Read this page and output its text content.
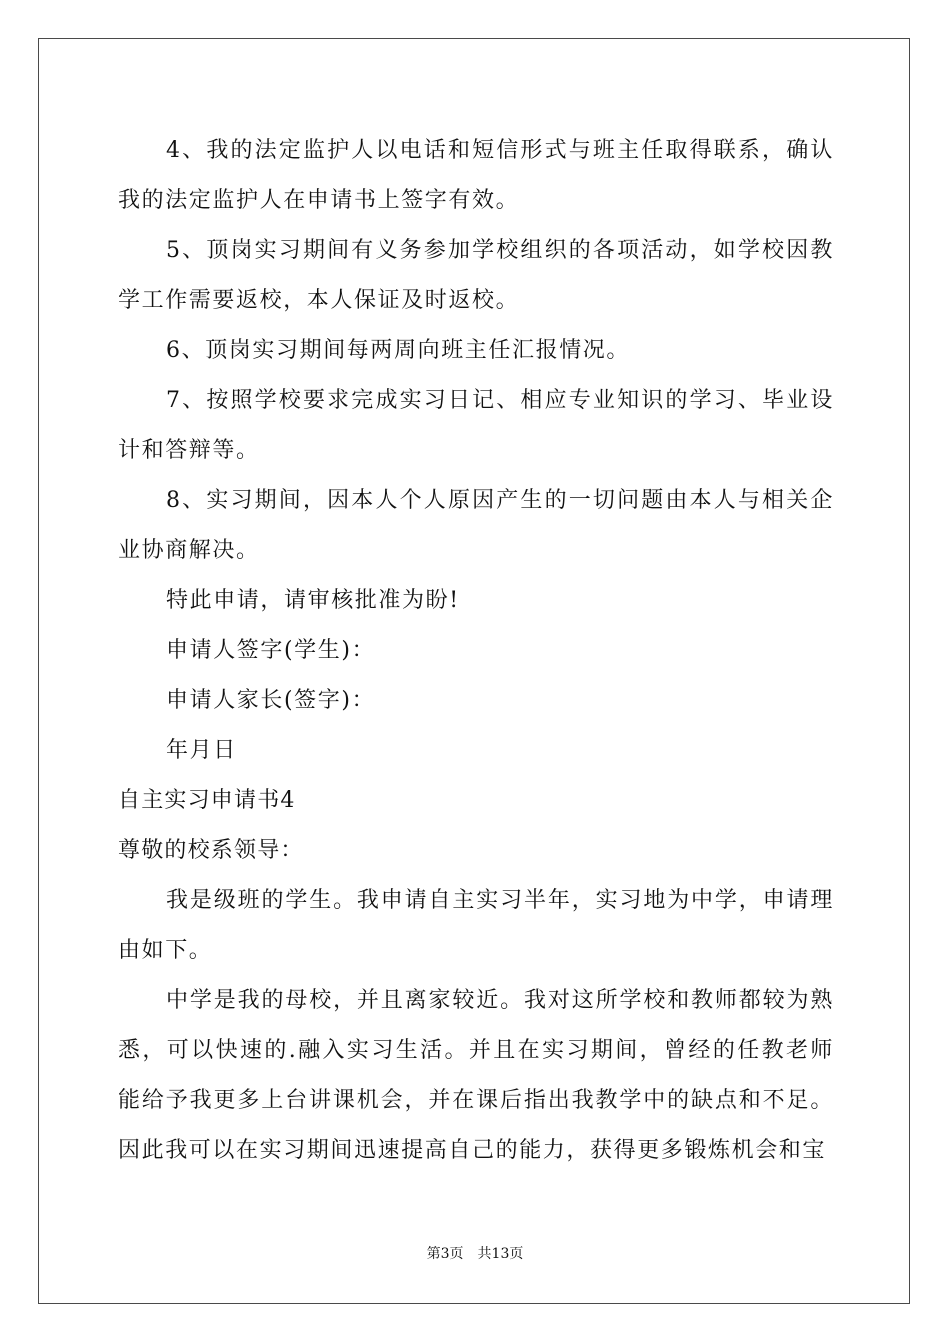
4、我的法定监护人以电话和短信形式与班主任取得联系，确认我的法定监护人在申请书上签字有效。

5、顶岗实习期间有义务参加学校组织的各项活动，如学校因教学工作需要返校，本人保证及时返校。

6、顶岗实习期间每两周向班主任汇报情况。

7、按照学校要求完成实习日记、相应专业知识的学习、毕业设计和答辩等。

8、实习期间，因本人个人原因产生的一切问题由本人与相关企业协商解决。

特此申请，请审核批准为盼!

申请人签字(学生)：

申请人家长(签字)：

年月日

自主实习申请书4

尊敬的校系领导：

我是级班的学生。我申请自主实习半年，实习地为中学，申请理由如下。

中学是我的母校，并且离家较近。我对这所学校和教师都较为熟悉，可以快速的.融入实习生活。并且在实习期间，曾经的任教老师能给予我更多上台讲课机会，并在课后指出我教学中的缺点和不足。因此我可以在实习期间迅速提高自己的能力，获得更多锻炼机会和宝

第3页　共13页
